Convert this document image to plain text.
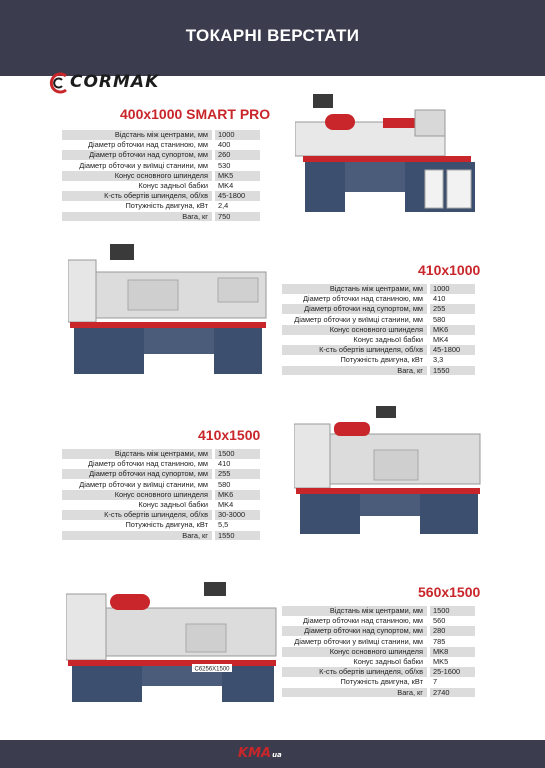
ТОКАРНІ ВЕРСТАТИ
CORMAK
400x1000 SMART PRO
Відстань між центрами, мм	1000
Діаметр обточки над станиною, мм	400
Діаметр обточки над супортом, мм	260
Діаметр обточки у виїмці станини, мм	530
Конус основного шпинделя	MK5
Конус задньої бабки	MK4
К-сть обертів шпинделя, об/хв	45-1800
Потужність двигуна, кВт	2,4
Вага, кг	750
410x1000
Відстань між центрами, мм	1000
Діаметр обточки над станиною, мм	410
Діаметр обточки над супортом, мм	255
Діаметр обточки у виїмці станини, мм	580
Конус основного шпинделя	MK6
Конус задньої бабки	MK4
К-сть обертів шпинделя, об/хв	45-1800
Потужність двигуна, кВт	3,3
Вага, кг	1550
410x1500
Відстань між центрами, мм	1500
Діаметр обточки над станиною, мм	410
Діаметр обточки над супортом, мм	255
Діаметр обточки у виїмці станини, мм	580
Конус основного шпинделя	MK6
Конус задньої бабки	MK4
К-сть обертів шпинделя, об/хв	30-3000
Потужність двигуна, кВт	5,5
Вага, кг	1550
C6256X1500
560x1500
Відстань між центрами, мм	1500
Діаметр обточки над станиною, мм	560
Діаметр обточки над супортом, мм	280
Діаметр обточки у виїмці станини, мм	785
Конус основного шпинделя	MK8
Конус задньої бабки	MK5
К-сть обертів шпинделя, об/хв	25-1600
Потужність двигуна, кВт	7
Вага, кг	2740
KMAua
